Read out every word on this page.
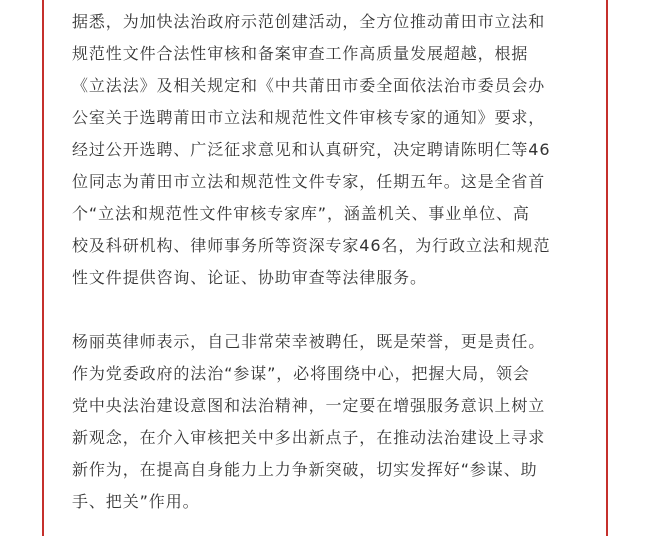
据悉，为加快法治政府示范创建活动，全方位推动莆田市立法和
规范性文件合法性审核和备案审查工作高质量发展超越，根据
《立法法》及相关规定和《中共莆田市委全面依法治市委员会办
公室关于选聘莆田市立法和规范性文件审核专家的通知》要求，
经过公开选聘、广泛征求意见和认真研究，决定聘请陈明仁等46
位同志为莆田市立法和规范性文件专家，任期五年。这是全省首
个“立法和规范性文件审核专家库”，涵盖机关、事业单位、高
校及科研机构、律师事务所等资深专家46名，为行政立法和规范
性文件提供咨询、论证、协助审查等法律服务。
杨丽英律师表示，自己非常荣幸被聘任，既是荣誉，更是责任。
作为党委政府的法治“参谋”，必将围绕中心，把握大局，领会
党中央法治建设意图和法治精神，一定要在增强服务意识上树立
新观念，在介入审核把关中多出新点子，在推动法治建设上寻求
新作为，在提高自身能力上力争新突破，切实发挥好“参谋、助
手、把关”作用。
